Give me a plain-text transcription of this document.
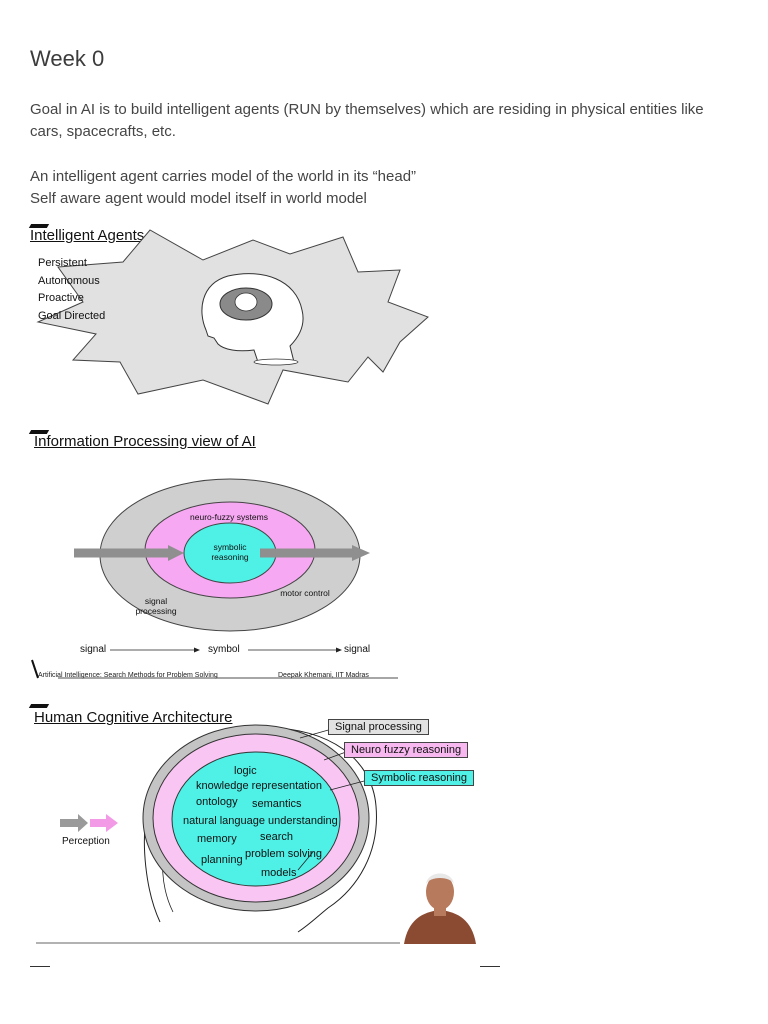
Week 0

Goal in AI is to build intelligent agents (RUN by themselves) which are residing in physical entities like cars, spacecrafts, etc.

An intelligent agent carries model of the world in its “head”

Self aware agent would model itself in world model

Intelligent Agents
Persistent
Autonomous
Proactive
Goal Directed
Information Processing view of AI
neuro-fuzzy systems
symbolic reasoning
signal processing
motor control
signal	symbol	signal
Artificial Intelligence: Search Methods for Problem Solving	Deepak Khemani, IIT Madras
Human Cognitive Architecture
Signal processing
Neuro fuzzy reasoning
Symbolic reasoning
Perception
logic
knowledge representation
ontology semantics
natural language understanding
memory search
problem solving
planning
models
